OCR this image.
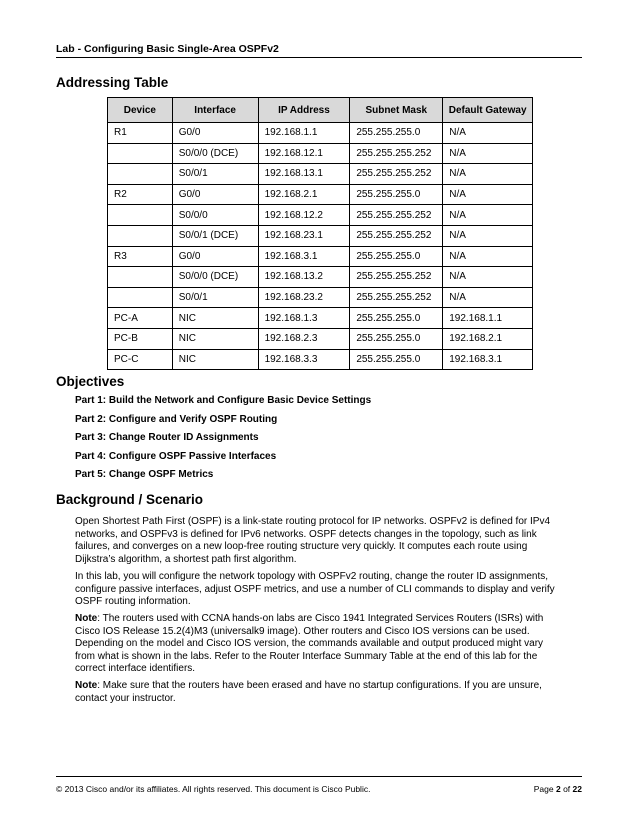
Lab - Configuring Basic Single-Area OSPFv2
Addressing Table
Device	Interface	IP Address	Subnet Mask	Default Gateway
R1	G0/0	192.168.1.1	255.255.255.0	N/A
	S0/0/0 (DCE)	192.168.12.1	255.255.255.252	N/A
	S0/0/1	192.168.13.1	255.255.255.252	N/A
R2	G0/0	192.168.2.1	255.255.255.0	N/A
	S0/0/0	192.168.12.2	255.255.255.252	N/A
	S0/0/1 (DCE)	192.168.23.1	255.255.255.252	N/A
R3	G0/0	192.168.3.1	255.255.255.0	N/A
	S0/0/0 (DCE)	192.168.13.2	255.255.255.252	N/A
	S0/0/1	192.168.23.2	255.255.255.252	N/A
PC-A	NIC	192.168.1.3	255.255.255.0	192.168.1.1
PC-B	NIC	192.168.2.3	255.255.255.0	192.168.2.1
PC-C	NIC	192.168.3.3	255.255.255.0	192.168.3.1
Objectives
Part 1: Build the Network and Configure Basic Device Settings
Part 2: Configure and Verify OSPF Routing
Part 3: Change Router ID Assignments
Part 4: Configure OSPF Passive Interfaces
Part 5: Change OSPF Metrics
Background / Scenario
Open Shortest Path First (OSPF) is a link-state routing protocol for IP networks. OSPFv2 is defined for IPv4 networks, and OSPFv3 is defined for IPv6 networks. OSPF detects changes in the topology, such as link failures, and converges on a new loop-free routing structure very quickly. It computes each route using Dijkstra’s algorithm, a shortest path first algorithm.
In this lab, you will configure the network topology with OSPFv2 routing, change the router ID assignments, configure passive interfaces, adjust OSPF metrics, and use a number of CLI commands to display and verify OSPF routing information.
Note: The routers used with CCNA hands-on labs are Cisco 1941 Integrated Services Routers (ISRs) with Cisco IOS Release 15.2(4)M3 (universalk9 image). Other routers and Cisco IOS versions can be used. Depending on the model and Cisco IOS version, the commands available and output produced might vary from what is shown in the labs. Refer to the Router Interface Summary Table at the end of this lab for the correct interface identifiers.
Note: Make sure that the routers have been erased and have no startup configurations. If you are unsure, contact your instructor.
© 2013 Cisco and/or its affiliates. All rights reserved. This document is Cisco Public.	Page 2 of 22
